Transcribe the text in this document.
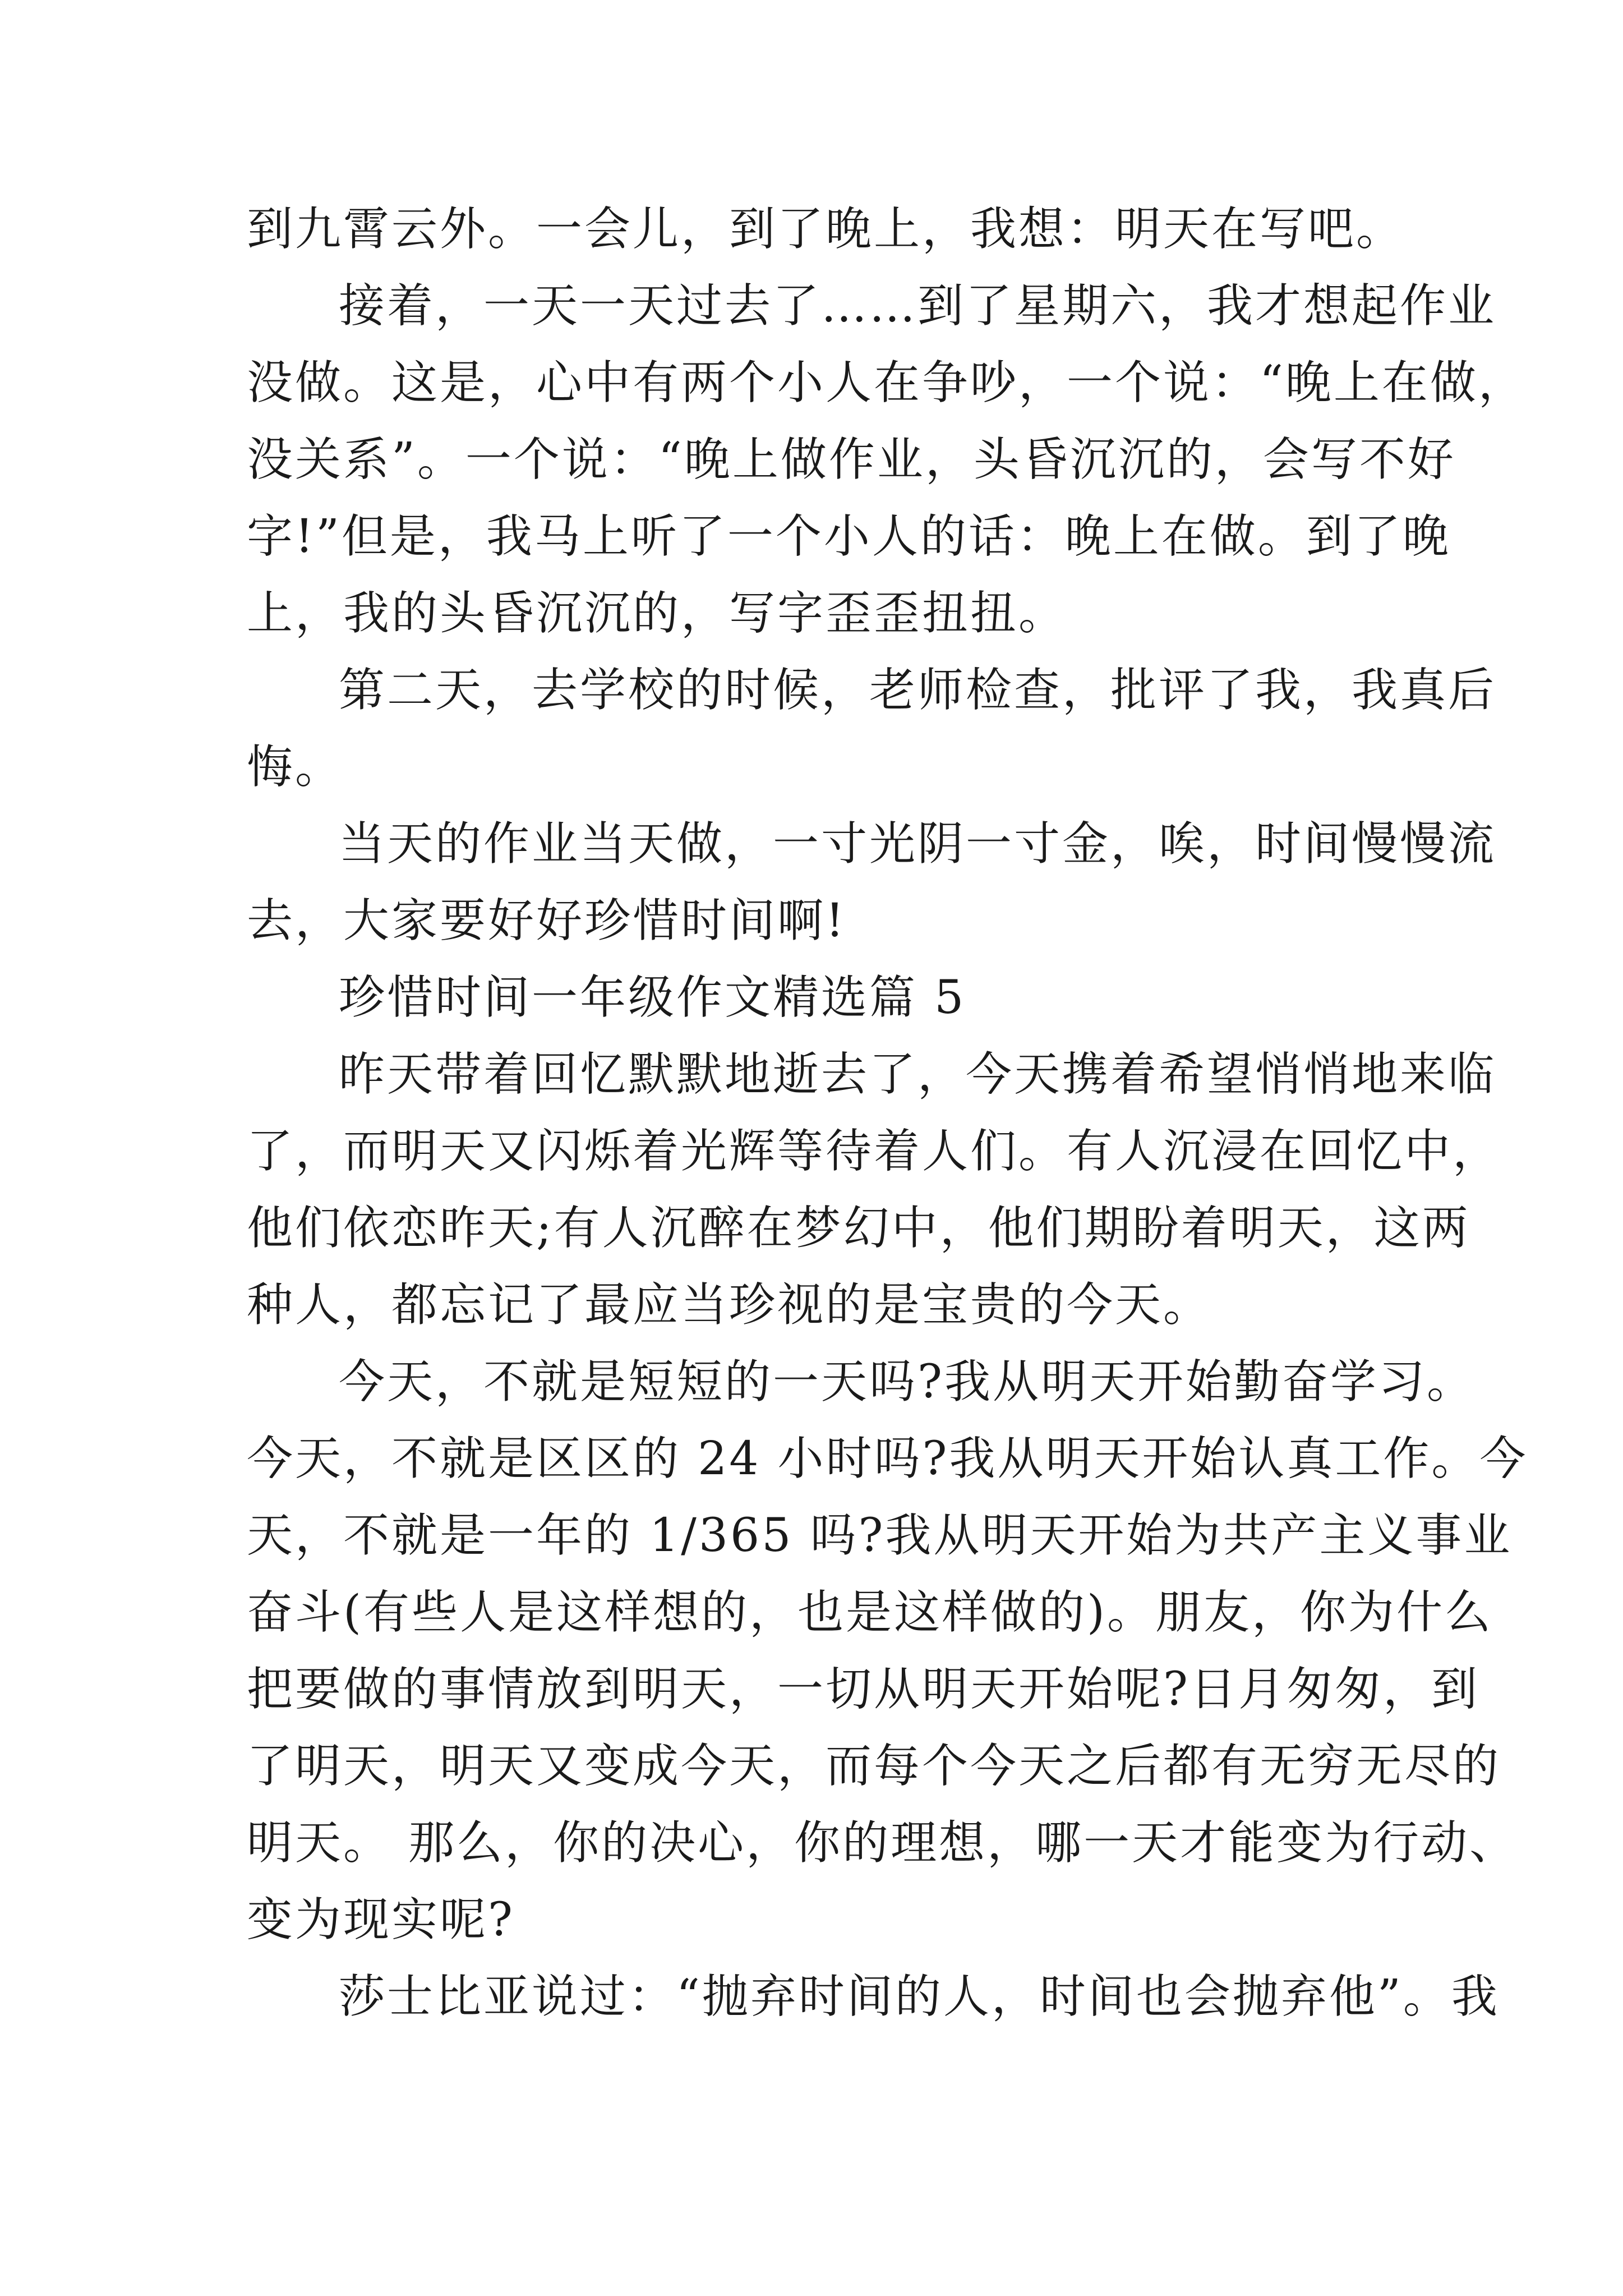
到九霄云外。一会儿，到了晚上，我想：明天在写吧。
接着，一天一天过去了……到了星期六，我才想起作业
没做。这是，心中有两个小人在争吵，一个说：“晚上在做，
没关系”。一个说：“晚上做作业，头昏沉沉的，会写不好
字!”但是，我马上听了一个小人的话：晚上在做。到了晚
上，我的头昏沉沉的，写字歪歪扭扭。
第二天，去学校的时候，老师检查，批评了我，我真后
悔。
当天的作业当天做，一寸光阴一寸金，唉，时间慢慢流
去，大家要好好珍惜时间啊!
珍惜时间一年级作文精选篇 5
昨天带着回忆默默地逝去了，今天携着希望悄悄地来临
了，而明天又闪烁着光辉等待着人们。有人沉浸在回忆中，
他们依恋昨天;有人沉醉在梦幻中，他们期盼着明天，这两
种人，都忘记了最应当珍视的是宝贵的今天。
今天，不就是短短的一天吗?我从明天开始勤奋学习。
今天，不就是区区的 24 小时吗?我从明天开始认真工作。今
天，不就是一年的 1/365 吗?我从明天开始为共产主义事业
奋斗(有些人是这样想的，也是这样做的)。朋友，你为什么
把要做的事情放到明天，一切从明天开始呢?日月匆匆，到
了明天，明天又变成今天，而每个今天之后都有无穷无尽的
明天。 那么，你的决心，你的理想，哪一天才能变为行动、
变为现实呢?
莎士比亚说过：“抛弃时间的人，时间也会抛弃他”。我
